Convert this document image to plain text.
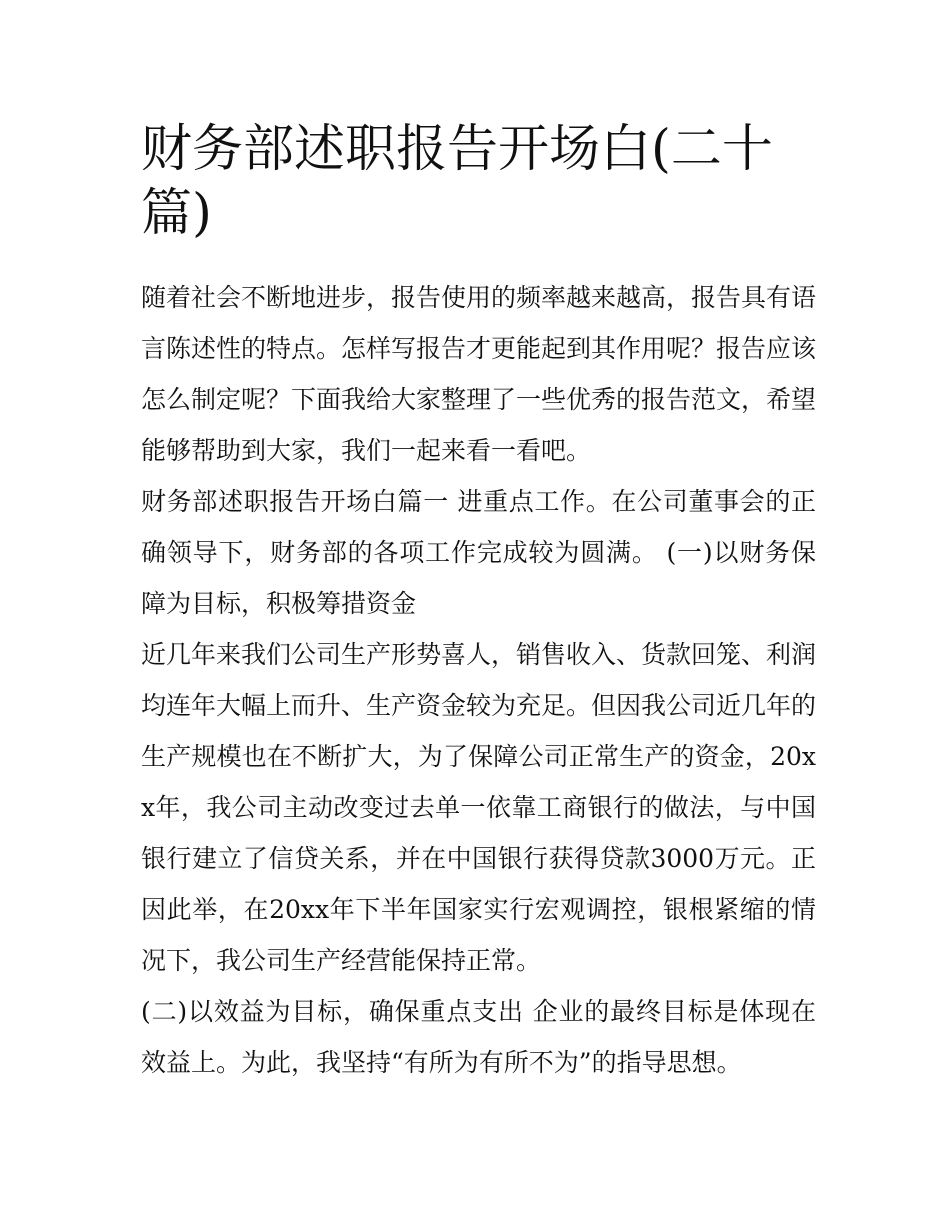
财务部述职报告开场白(二十篇)

随着社会不断地进步，报告使用的频率越来越高，报告具有语言陈述性的特点。怎样写报告才更能起到其作用呢？报告应该怎么制定呢？下面我给大家整理了一些优秀的报告范文，希望能够帮助到大家，我们一起来看一看吧。

财务部述职报告开场白篇一 进重点工作。在公司董事会的正确领导下，财务部的各项工作完成较为圆满。 (一)以财务保障为目标，积极筹措资金

近几年来我们公司生产形势喜人，销售收入、货款回笼、利润均连年大幅上而升、生产资金较为充足。但因我公司近几年的生产规模也在不断扩大，为了保障公司正常生产的资金，20xx年，我公司主动改变过去单一依靠工商银行的做法，与中国银行建立了信贷关系，并在中国银行获得贷款3000万元。正因此举，在20xx年下半年国家实行宏观调控，银根紧缩的情况下，我公司生产经营能保持正常。

(二)以效益为目标，确保重点支出 企业的最终目标是体现在效益上。为此，我坚持“有所为有所不为”的指导思想。
